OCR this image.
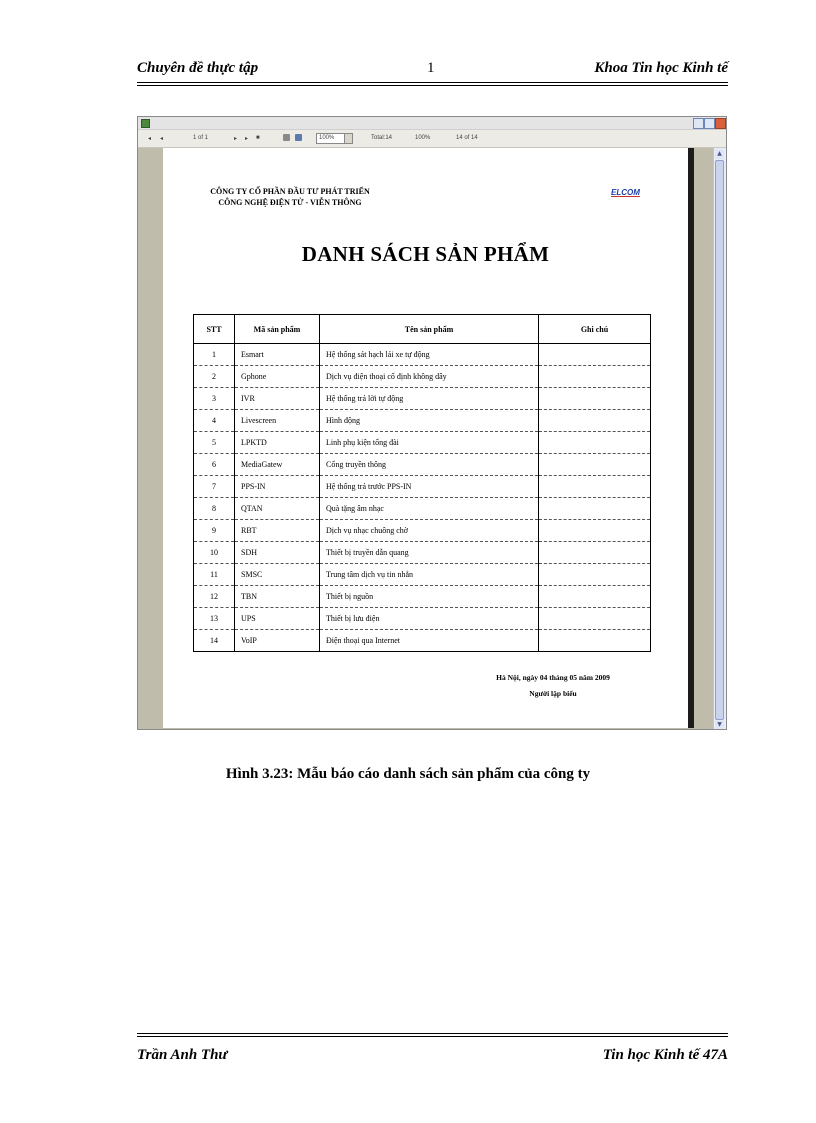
Chuyên đề thực tập	1	Khoa Tin học Kinh tế
◂ ◂	1 of 1	▸ ▸ ■	100%	Total:14	100%	14 of 14
CÔNG TY CỔ PHẦN ĐẦU TƯ PHÁT TRIỂN
CÔNG NGHỆ ĐIỆN TỬ - VIỄN THÔNG
ELCOM
DANH SÁCH SẢN PHẨM
STT	Mã sản phẩm	Tên sản phẩm	Ghi chú
1	Esmart	Hệ thống sát hạch lái xe tự động	
2	Gphone	Dịch vụ điện thoại cố định không dây	
3	IVR	Hệ thống trả lời tự động	
4	Livescreen	Hình động	
5	LPKTD	Linh phụ kiện tổng đài	
6	MediaGatew	Cổng truyền thông	
7	PPS-IN	Hệ thống trả trước PPS-IN	
8	QTAN	Quà tặng âm nhạc	
9	RBT	Dịch vụ nhạc chuông chờ	
10	SDH	Thiết bị truyền dẫn quang	
11	SMSC	Trung tâm dịch vụ tin nhắn	
12	TBN	Thiết bị nguồn	
13	UPS	Thiết bị lưu điện	
14	VoIP	Điện thoại qua Internet	
Hà Nội, ngày 04 tháng 05 năm 2009
Người lập biểu
▲
▼
Hình 3.23: Mẫu báo cáo danh sách sản phẩm của công ty
Trần Anh Thư	Tin học Kinh tế 47A
